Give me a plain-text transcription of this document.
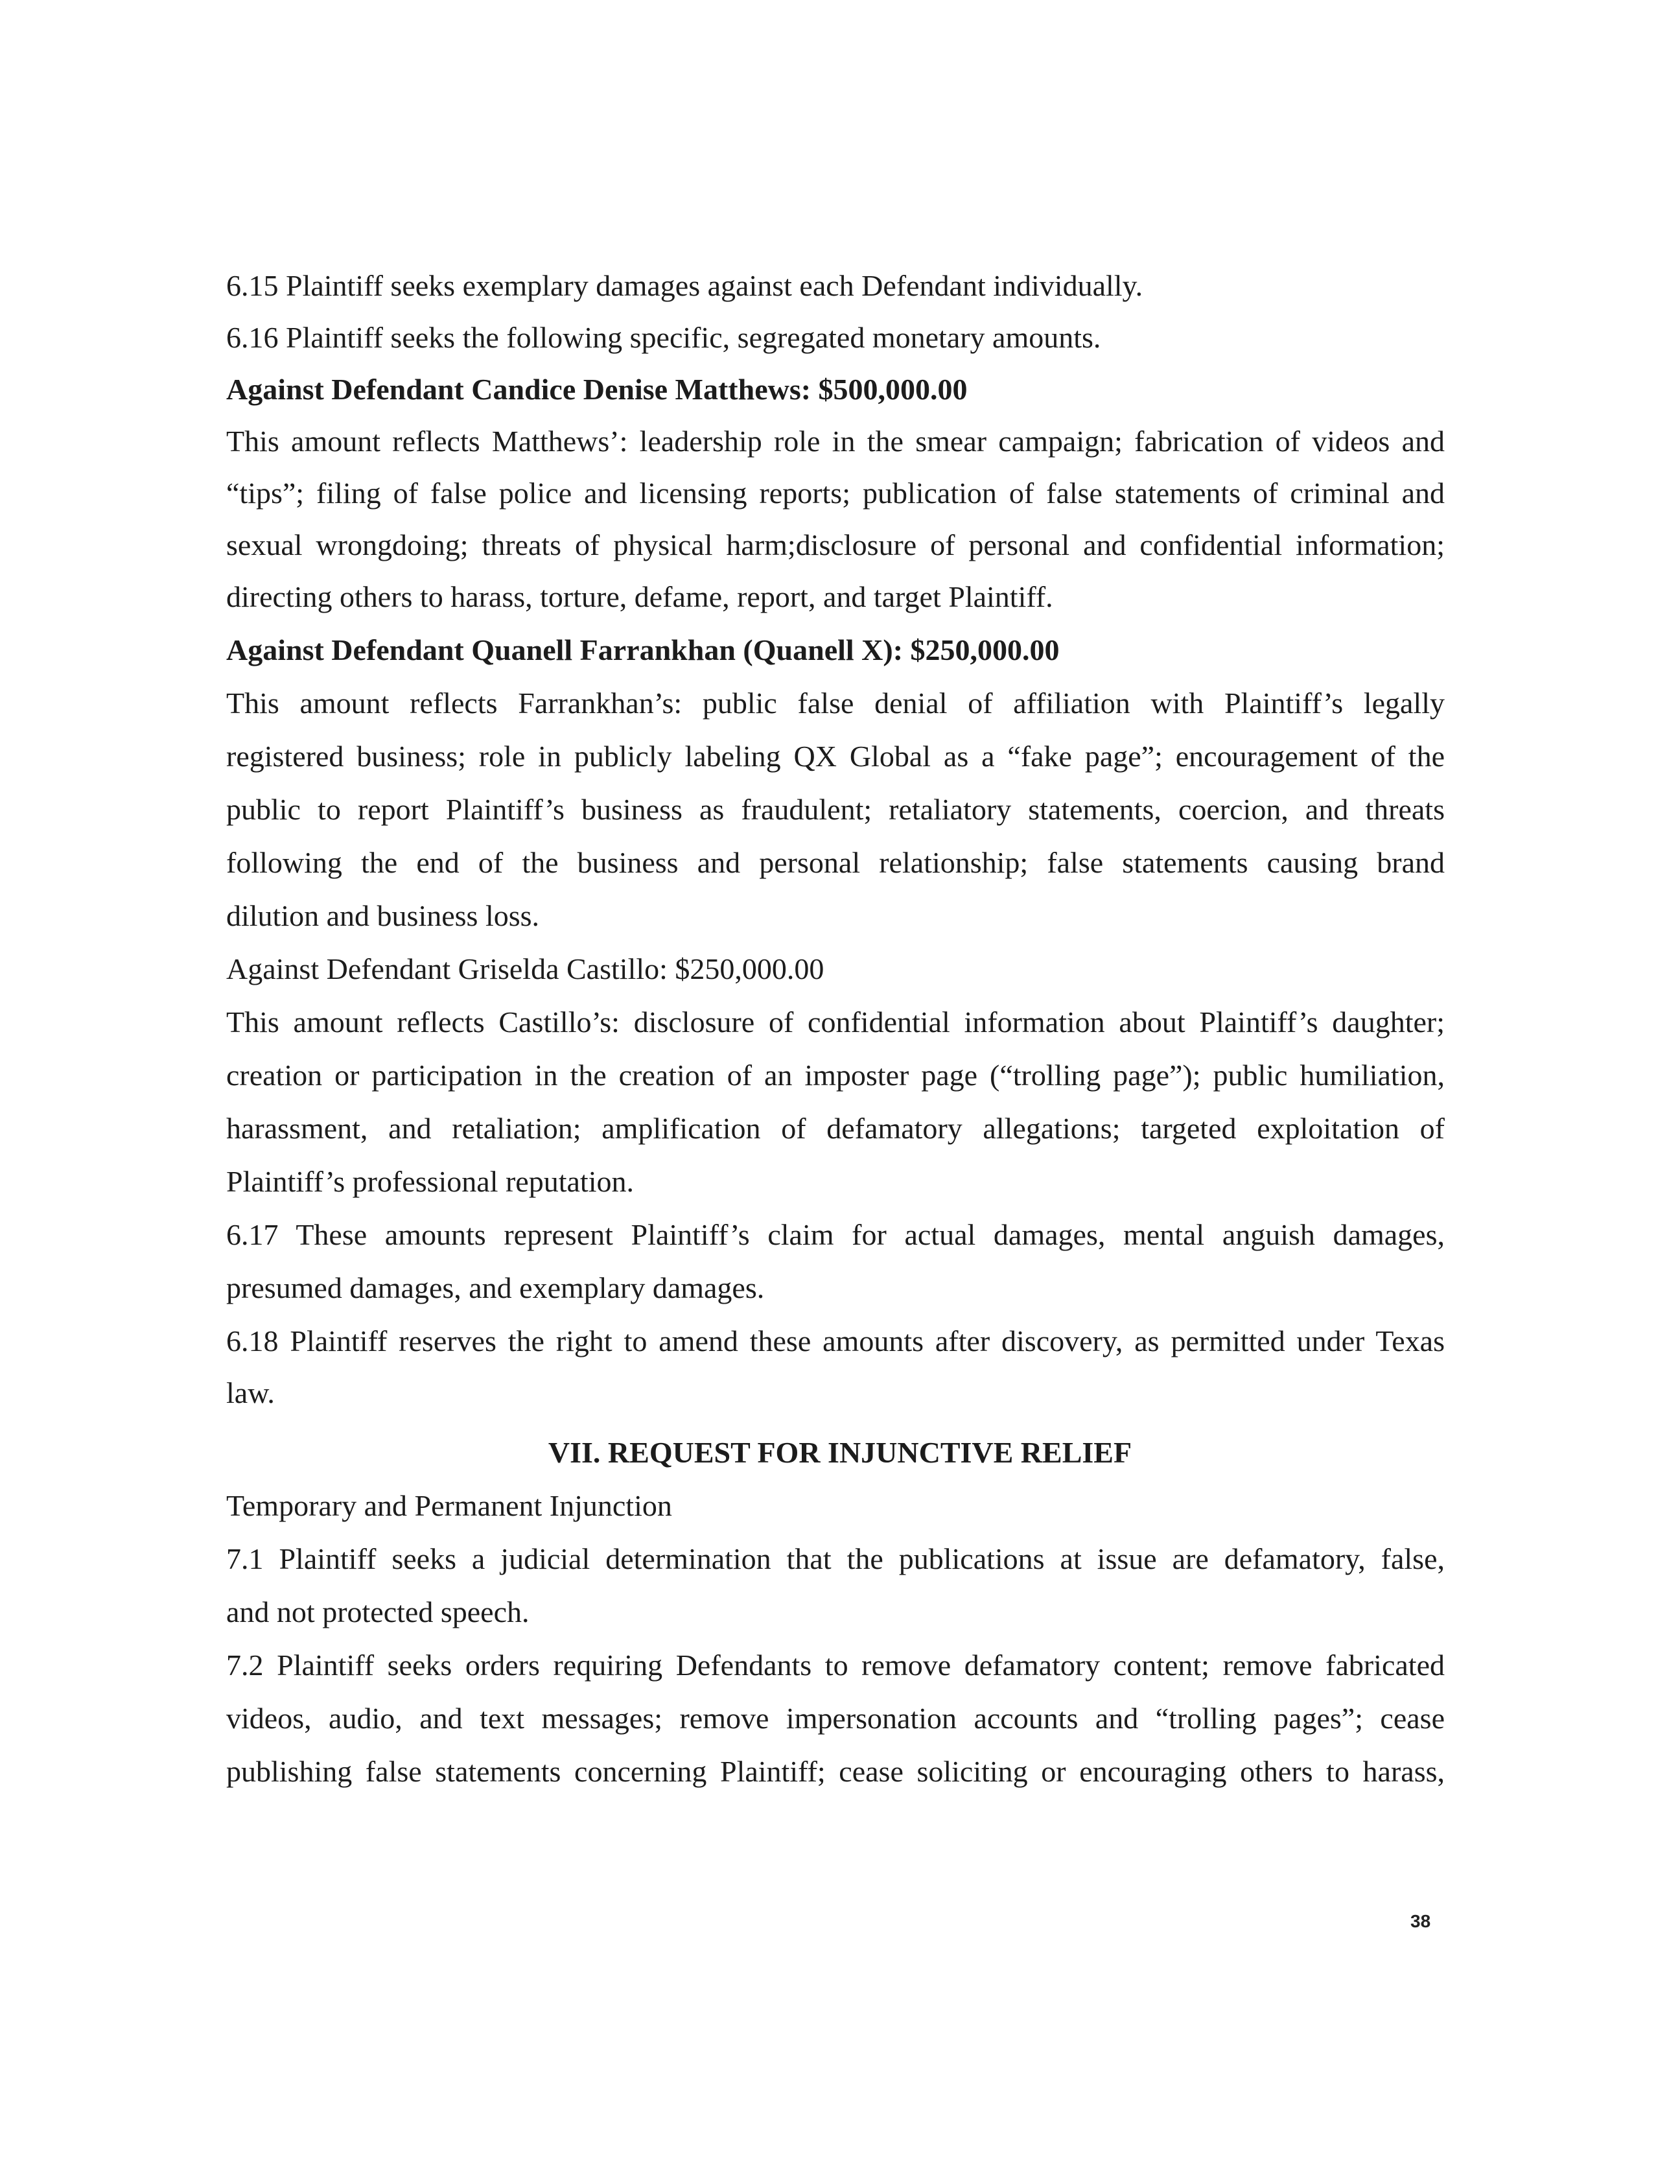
6.15 Plaintiff seeks exemplary damages against each Defendant individually.
6.16 Plaintiff seeks the following specific, segregated monetary amounts.
Against Defendant Candice Denise Matthews: $500,000.00
This amount reflects Matthews’: leadership role in the smear campaign; fabrication of videos and
“tips”; filing of false police and licensing reports; publication of false statements of criminal and
sexual wrongdoing; threats of physical harm;disclosure of personal and confidential information;
directing others to harass, torture, defame, report, and target Plaintiff.
Against Defendant Quanell Farrankhan (Quanell X): $250,000.00
This amount reflects Farrankhan’s: public false denial of affiliation with Plaintiff’s legally
registered business; role in publicly labeling QX Global as a “fake page”; encouragement of the
public to report Plaintiff’s business as fraudulent; retaliatory statements, coercion, and threats
following the end of the business and personal relationship; false statements causing brand
dilution and business loss.
Against Defendant Griselda Castillo: $250,000.00
This amount reflects Castillo’s: disclosure of confidential information about Plaintiff’s daughter;
creation or participation in the creation of an imposter page (“trolling page”); public humiliation,
harassment, and retaliation; amplification of defamatory allegations; targeted exploitation of
Plaintiff’s professional reputation.
6.17 These amounts represent Plaintiff’s claim for actual damages, mental anguish damages,
presumed damages, and exemplary damages.
6.18 Plaintiff reserves the right to amend these amounts after discovery, as permitted under Texas
law.
VII. REQUEST FOR INJUNCTIVE RELIEF
Temporary and Permanent Injunction
7.1 Plaintiff seeks a judicial determination that the publications at issue are defamatory, false,
and not protected speech.
7.2 Plaintiff seeks orders requiring Defendants to remove defamatory content; remove fabricated
videos, audio, and text messages; remove impersonation accounts and “trolling pages”; cease
publishing false statements concerning Plaintiff; cease soliciting or encouraging others to harass,
38
